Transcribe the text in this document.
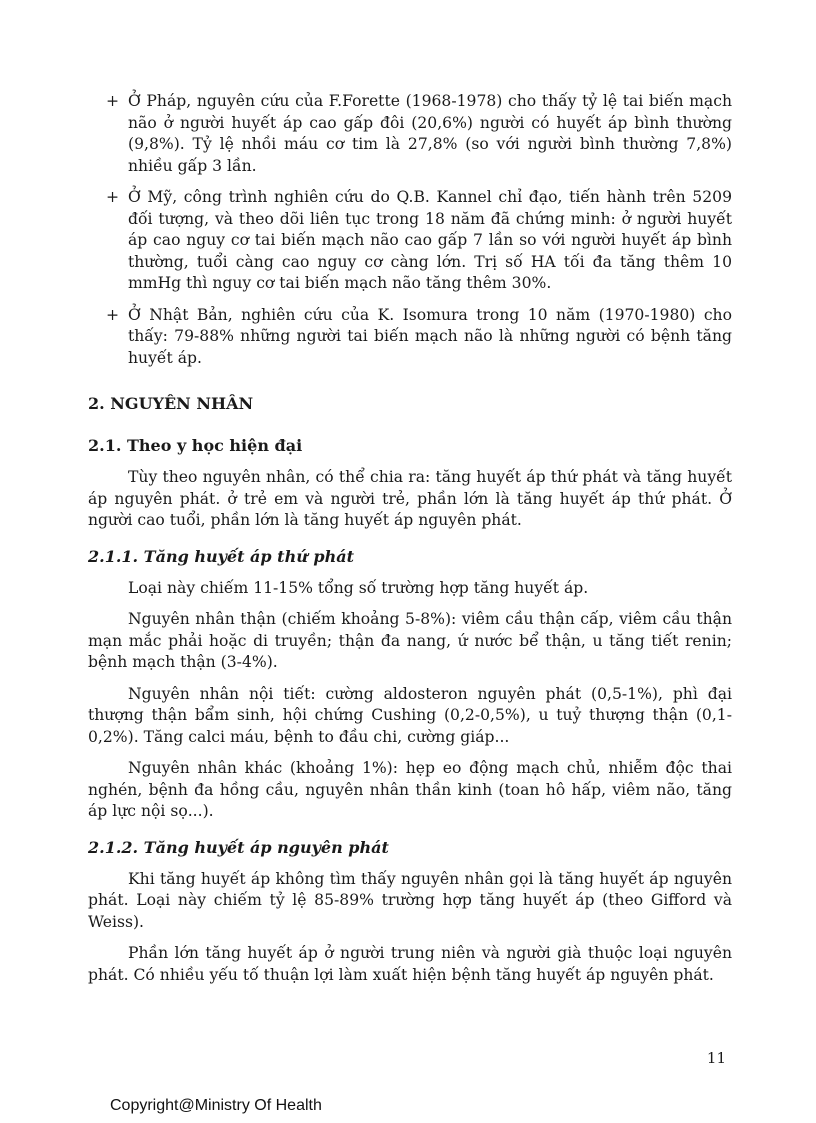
+ Ở Pháp, nguyên cứu của F.Forette (1968-1978) cho thấy tỷ lệ tai biến mạch não ở người huyết áp cao gấp đôi (20,6%) người có huyết áp bình thường (9,8%). Tỷ lệ nhồi máu cơ tim là 27,8% (so với người bình thường 7,8%) nhiều gấp 3 lần.
+ Ở Mỹ, công trình nghiên cứu do Q.B. Kannel chỉ đạo, tiến hành trên 5209 đối tượng, và theo dõi liên tục trong 18 năm đã chứng minh: ở người huyết áp cao nguy cơ tai biến mạch não cao gấp 7 lần so với người huyết áp bình thường, tuổi càng cao nguy cơ càng lớn. Trị số HA tối đa tăng thêm 10 mmHg thì nguy cơ tai biến mạch não tăng thêm 30%.
+ Ở Nhật Bản, nghiên cứu của K. Isomura trong 10 năm (1970-1980) cho thấy: 79-88% những người tai biến mạch não là những người có bệnh tăng huyết áp.
2. NGUYÊN NHÂN
2.1. Theo y học hiện đại
Tùy theo nguyên nhân, có thể chia ra: tăng huyết áp thứ phát và tăng huyết áp nguyên phát. ở trẻ em và người trẻ, phần lớn là tăng huyết áp thứ phát. Ở người cao tuổi, phần lớn là tăng huyết áp nguyên phát.
2.1.1. Tăng huyết áp thứ phát
Loại này chiếm 11-15% tổng số trường hợp tăng huyết áp.
Nguyên nhân thận (chiếm khoảng 5-8%): viêm cầu thận cấp, viêm cầu thận mạn mắc phải hoặc di truyền; thận đa nang, ứ nước bể thận, u tăng tiết renin; bệnh mạch thận (3-4%).
Nguyên nhân nội tiết: cường aldosteron nguyên phát (0,5-1%), phì đại thượng thận bẩm sinh, hội chứng Cushing (0,2-0,5%), u tuỷ thượng thận (0,1-0,2%). Tăng calci máu, bệnh to đầu chi, cường giáp...
Nguyên nhân khác (khoảng 1%): hẹp eo động mạch chủ, nhiễm độc thai nghén, bệnh đa hồng cầu, nguyên nhân thần kinh (toan hô hấp, viêm não, tăng áp lực nội sọ...).
2.1.2. Tăng huyết áp nguyên phát
Khi tăng huyết áp không tìm thấy nguyên nhân gọi là tăng huyết áp nguyên phát. Loại này chiếm tỷ lệ 85-89% trường hợp tăng huyết áp (theo Gifford và Weiss).
Phần lớn tăng huyết áp ở người trung niên và người già thuộc loại nguyên phát. Có nhiều yếu tố thuận lợi làm xuất hiện bệnh tăng huyết áp nguyên phát.
11
Copyright@Ministry Of Health
